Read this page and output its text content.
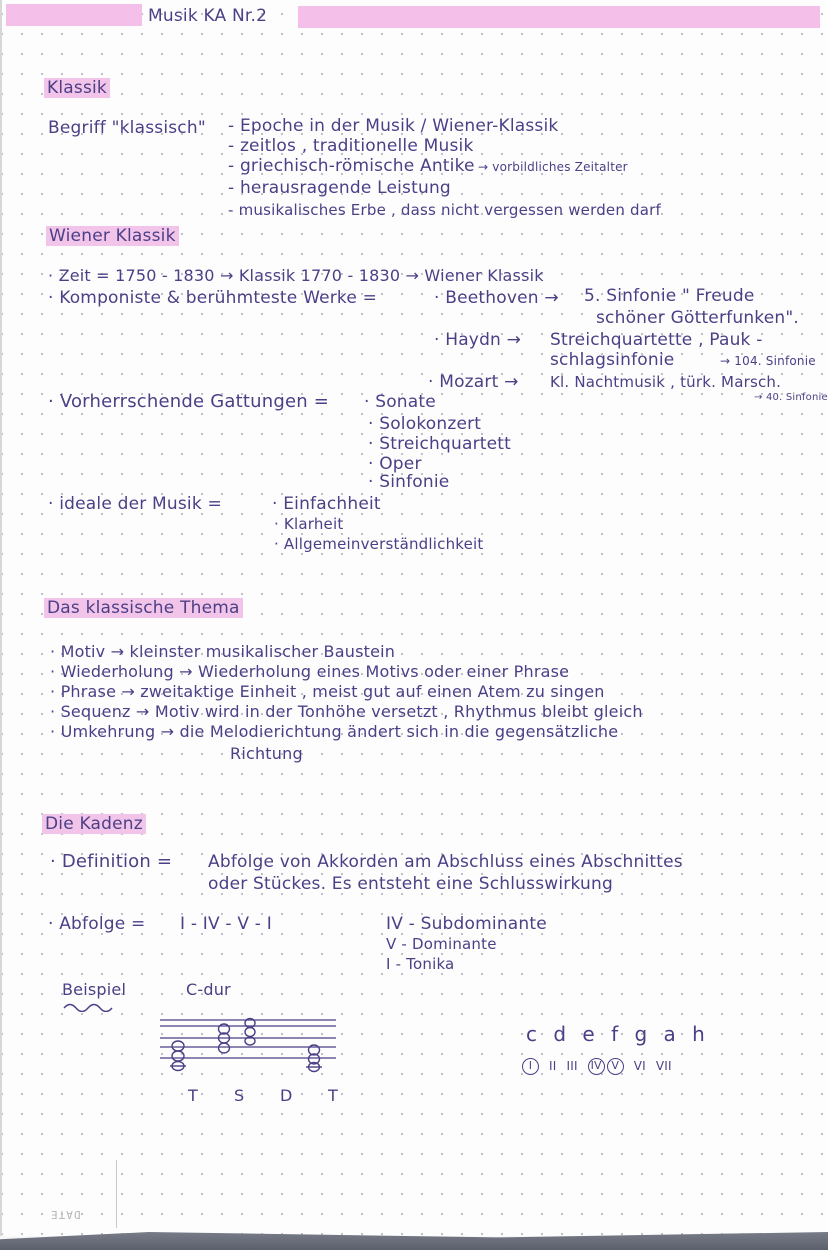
Musik KA Nr.2
Klassik
Begriff "klassisch" - Epoche in der Musik / Wiener-Klassik
- zeitlos , traditionelle Musik
- griechisch-römische Antike → vorbildliches Zeitalter
- herausragende Leistung
- musikalisches Erbe , dass nicht vergessen werden darf
Wiener Klassik
· Zeit = 1750 - 1830 → Klassik 1770 - 1830 → Wiener Klassik
· Komponiste & berühmteste Werke =	· Beethoven → 5. Sinfonie " Freude
schöner Götterfunken".
· Haydn → Streichquartette , Pauk -
schlagsinfonie	→ 104. Sinfonie
· Mozart → Kl. Nachtmusik , türk. Marsch.
→ 40. Sinfonie
· Vorherrschende Gattungen = · Sonate
· Solokonzert
· Streichquartett
· Oper
· Sinfonie
· ideale der Musik =	· Einfachheit
· Klarheit
· Allgemeinverständlichkeit
Das klassische Thema
· Motiv → kleinster musikalischer Baustein
· Wiederholung → Wiederholung eines Motivs oder einer Phrase
· Phrase → zweitaktige Einheit , meist gut auf einen Atem zu singen
· Sequenz → Motiv wird in der Tonhöhe versetzt , Rhythmus bleibt gleich
· Umkehrung → die Melodierichtung ändert sich in die gegensätzliche
Richtung
Die Kadenz
· Definition = Abfolge von Akkorden am Abschluss eines Abschnittes
oder Stückes. Es entsteht eine Schlusswirkung
· Abfolge = I - IV - V - I	IV - Subdominante
V - Dominante
I - Tonika
Beispiel	C-dur
T S D T
c d e f g a h
I	II III IV V	VI VII
DATE
